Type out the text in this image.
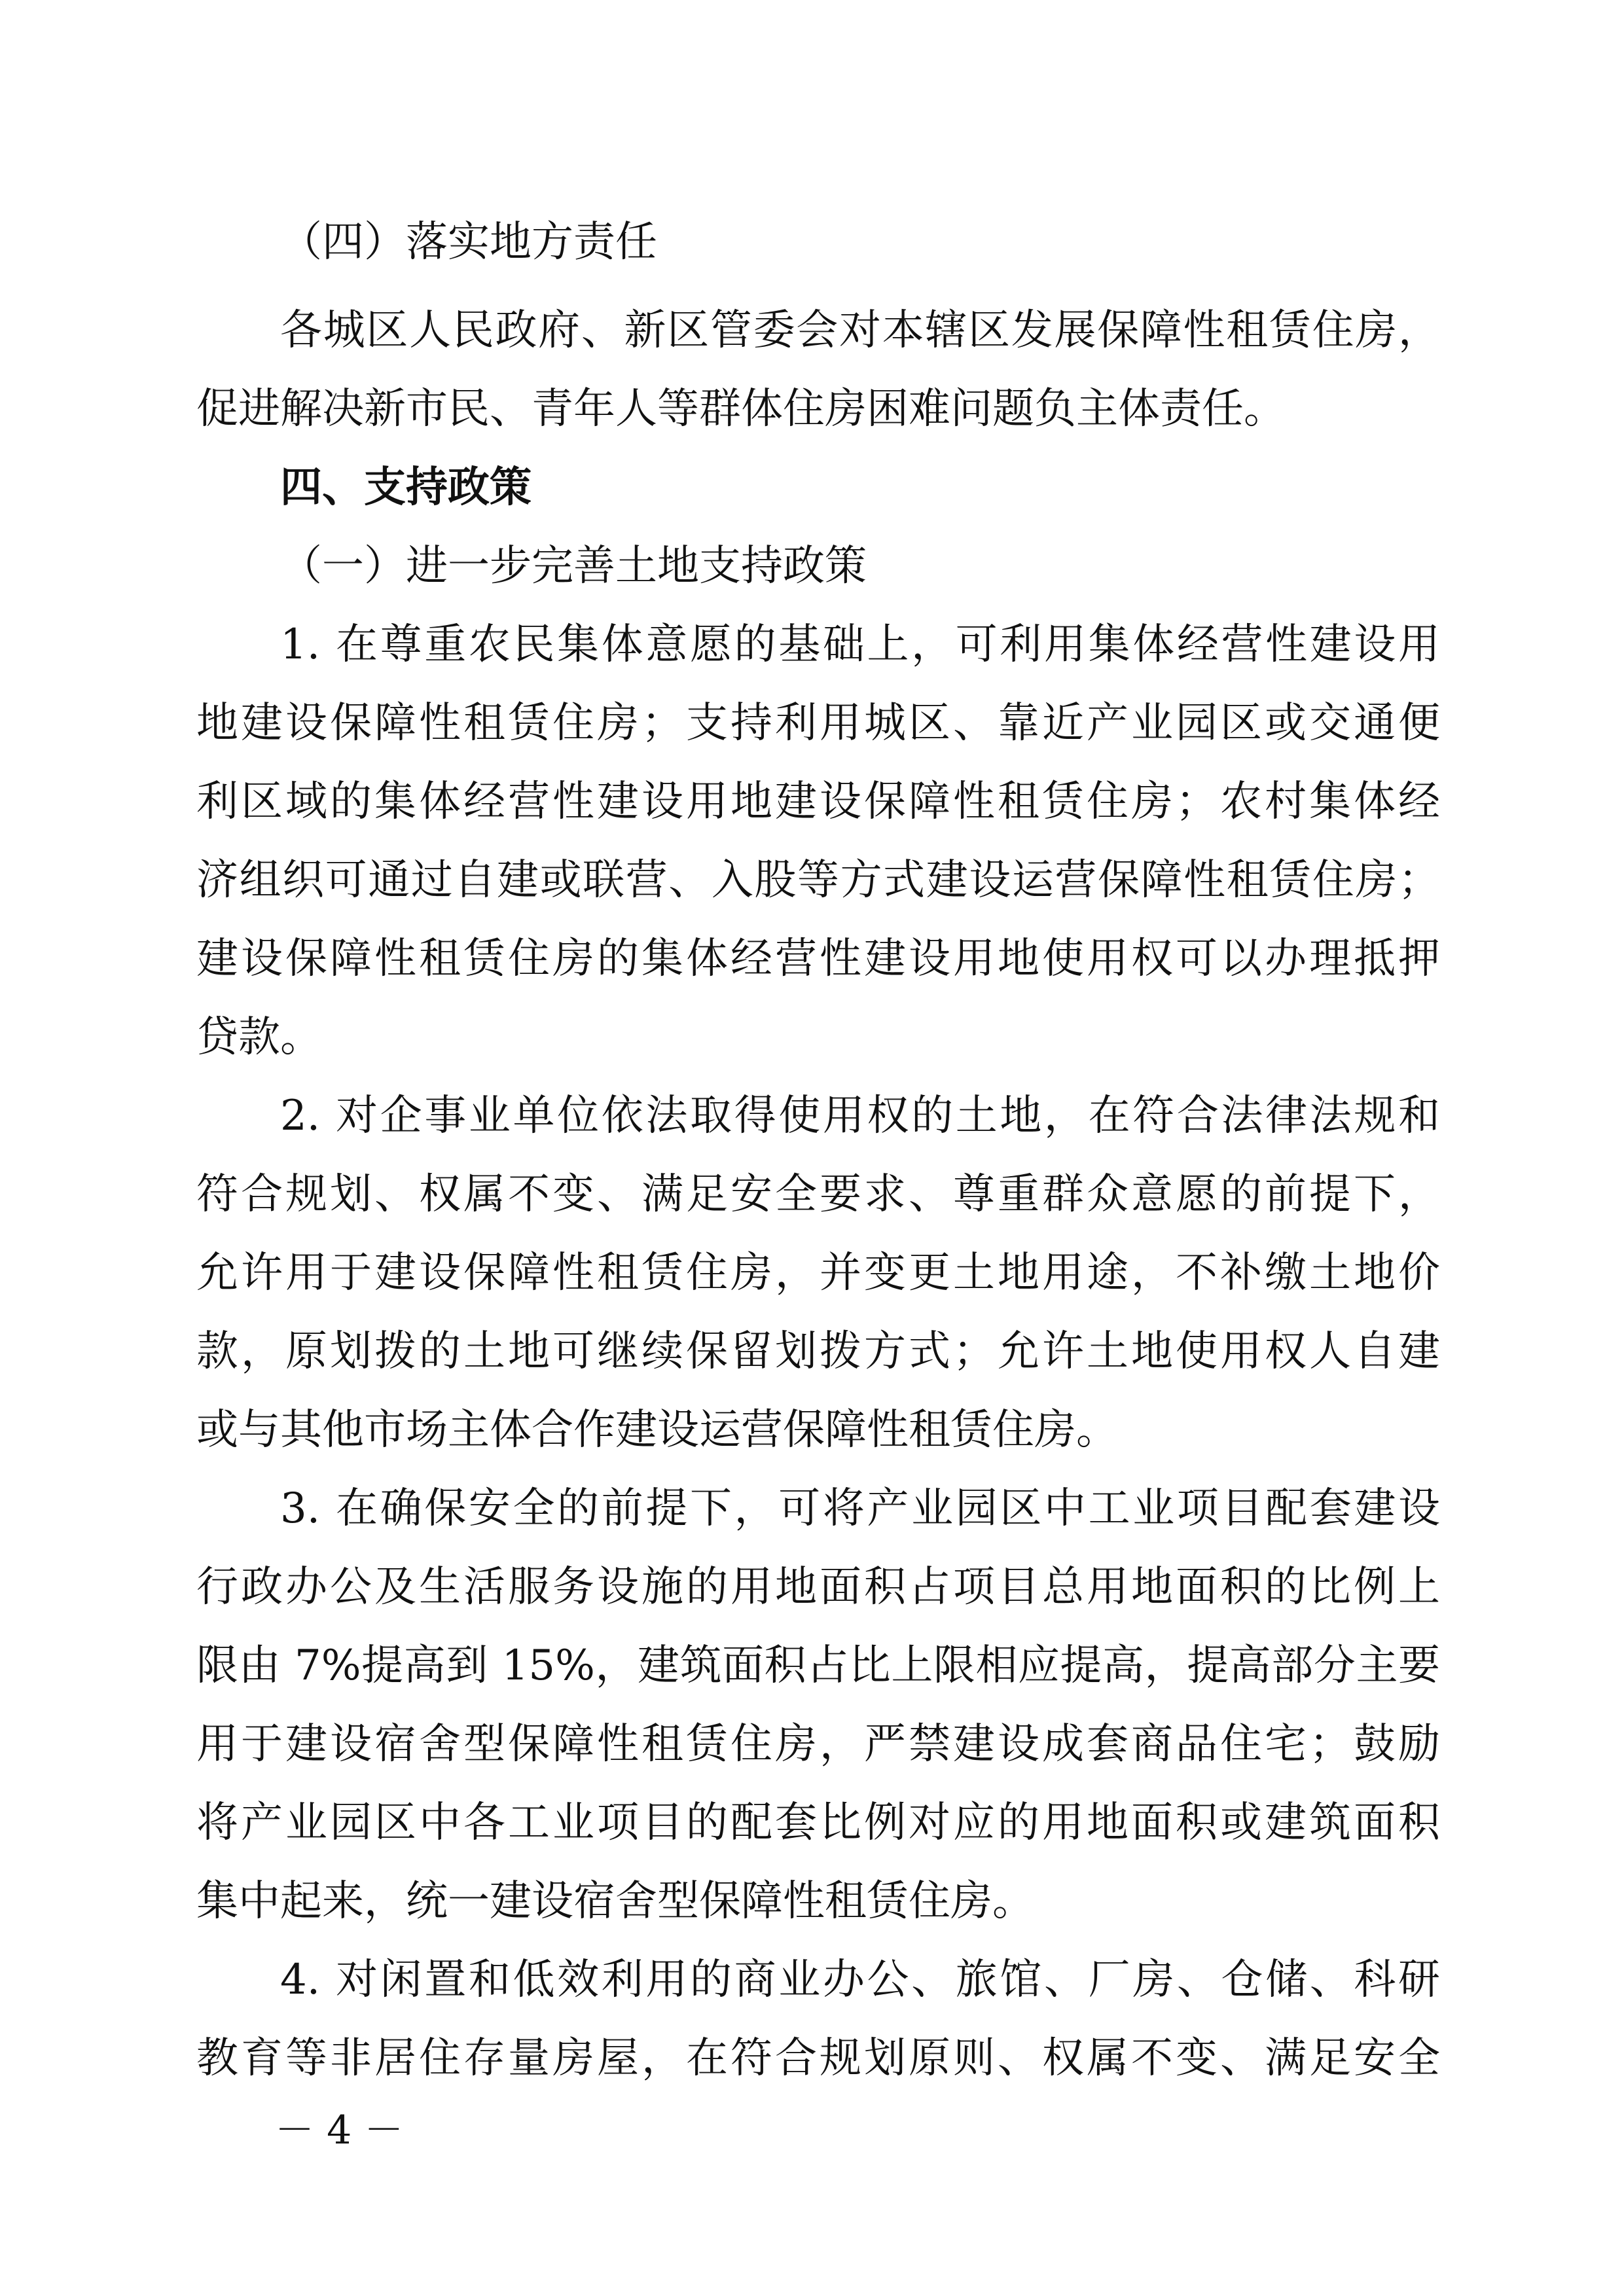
（四）落实地方责任
各城区人民政府、新区管委会对本辖区发展保障性租赁住房，
促进解决新市民、青年人等群体住房困难问题负主体责任。
四、支持政策
（一）进一步完善土地支持政策
1. 在尊重农民集体意愿的基础上，可利用集体经营性建设用
地建设保障性租赁住房；支持利用城区、靠近产业园区或交通便
利区域的集体经营性建设用地建设保障性租赁住房；农村集体经
济组织可通过自建或联营、入股等方式建设运营保障性租赁住房；
建设保障性租赁住房的集体经营性建设用地使用权可以办理抵押
贷款。
2. 对企事业单位依法取得使用权的土地，在符合法律法规和
符合规划、权属不变、满足安全要求、尊重群众意愿的前提下，
允许用于建设保障性租赁住房，并变更土地用途，不补缴土地价
款，原划拨的土地可继续保留划拨方式；允许土地使用权人自建
或与其他市场主体合作建设运营保障性租赁住房。
3. 在确保安全的前提下，可将产业园区中工业项目配套建设
行政办公及生活服务设施的用地面积占项目总用地面积的比例上
限由 7%提高到 15%，建筑面积占比上限相应提高，提高部分主要
用于建设宿舍型保障性租赁住房，严禁建设成套商品住宅；鼓励
将产业园区中各工业项目的配套比例对应的用地面积或建筑面积
集中起来，统一建设宿舍型保障性租赁住房。
4. 对闲置和低效利用的商业办公、旅馆、厂房、仓储、科研
教育等非居住存量房屋，在符合规划原则、权属不变、满足安全
－ 4 －
